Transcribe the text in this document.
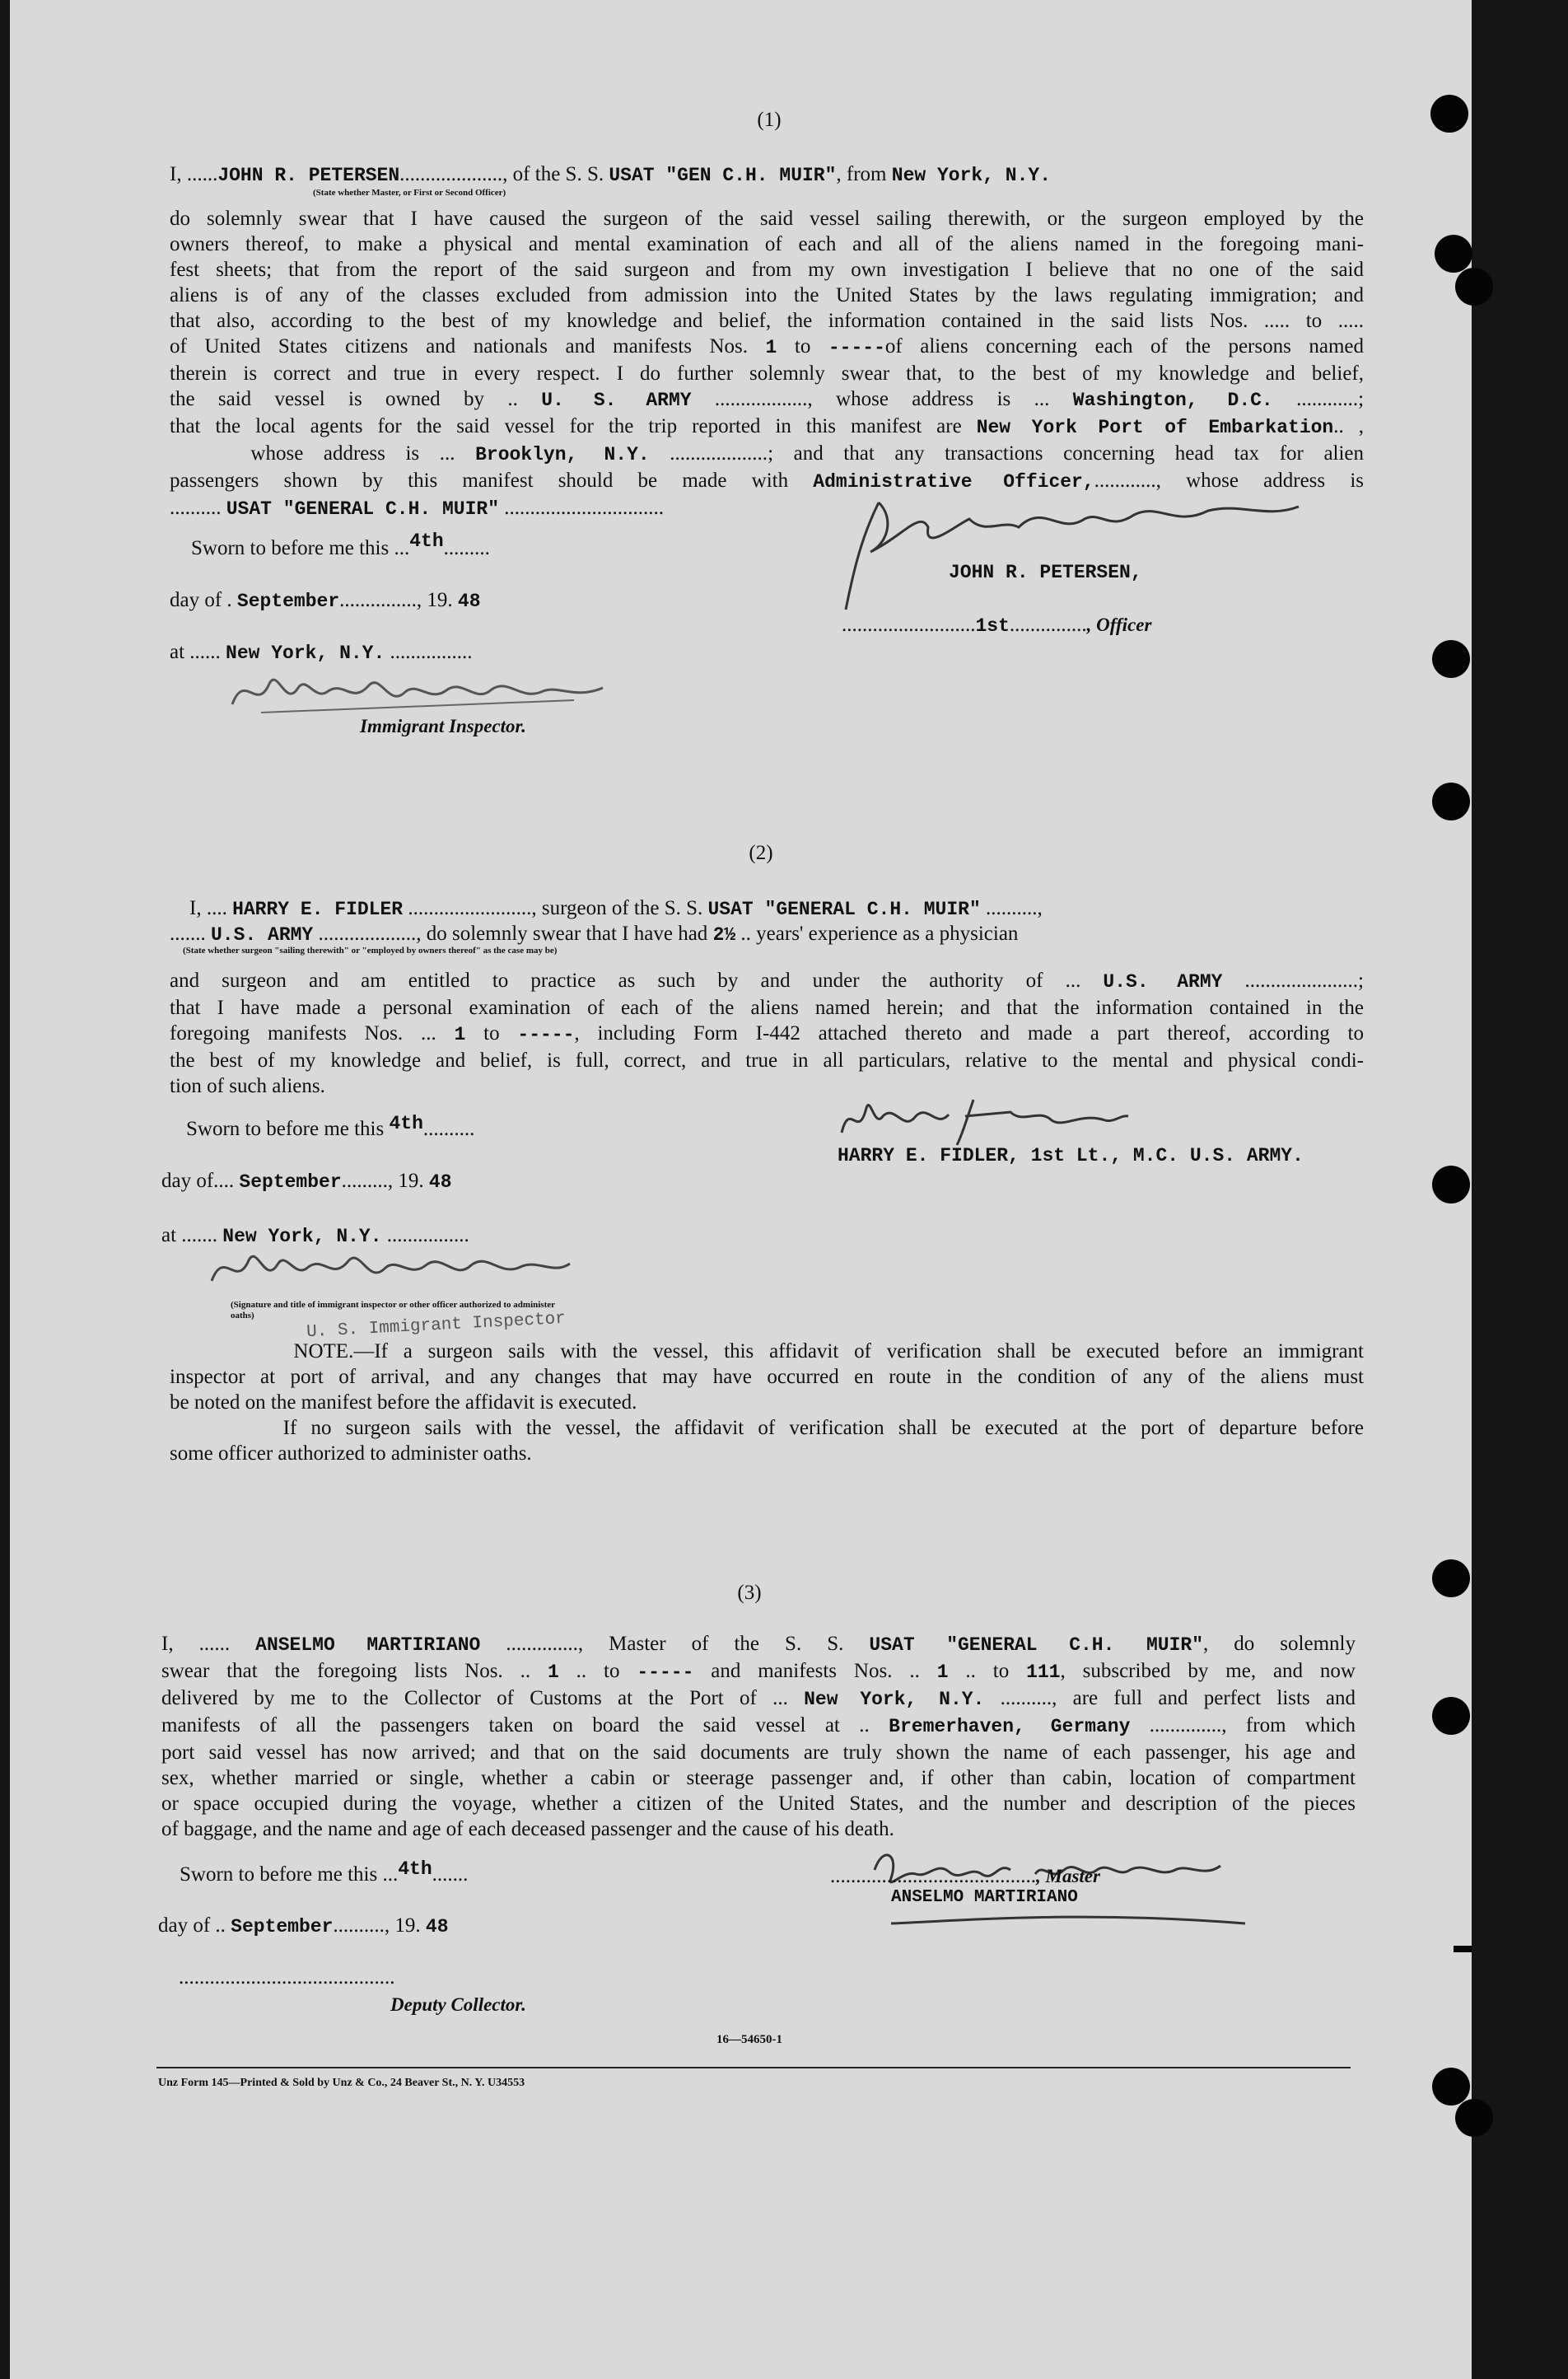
(1)
I, ......JOHN R. PETERSEN...................., of the S. S. USAT "GEN C.H. MUIR", from New York, N.Y.
(State whether Master, or First or Second Officer)

do solemnly swear that I have caused the surgeon of the said vessel sailing therewith, or the surgeon employed by the

owners thereof, to make a physical and mental examination of each and all of the aliens named in the foregoing mani-

fest sheets; that from the report of the said surgeon and from my own investigation I believe that no one of the said

aliens is of any of the classes excluded from admission into the United States by the laws regulating immigration; and

that also, according to the best of my knowledge and belief, the information contained in the said lists Nos. ..... to .....

of United States citizens and nationals and manifests Nos. 1 to -----of aliens concerning each of the persons named

therein is correct and true in every respect. I do further solemnly swear that, to the best of my knowledge and belief,

the said vessel is owned by .. U. S. ARMY .................., whose address is ... Washington, D.C. ............;

that the local agents for the said vessel for the trip reported in this manifest are New York Port of Embarkation.. ,

whose address is ... Brooklyn, N.Y. ...................; and that any transactions concerning head tax for alien

passengers shown by this manifest should be made with Administrative Officer,............, whose address is

.......... USAT "GENERAL C.H. MUIR" ...............................

Sworn to before me this ...4th.........
day of . September..............., 19. 48
at ...... New York, N.Y. ................
Immigrant Inspector.
JOHN R. PETERSEN,
..........................1st..............., Officer
(2)
I, .... HARRY E. FIDLER ........................, surgeon of the S. S. USAT "GENERAL C.H. MUIR" ..........,
....... U.S. ARMY ..................., do solemnly swear that I have had 2½ .. years' experience as a physician
(State whether surgeon "sailing therewith" or "employed by owners thereof" as the case may be)

and surgeon and am entitled to practice as such by and under the authority of ... U.S. ARMY ......................;

that I have made a personal examination of each of the aliens named herein; and that the information contained in the

foregoing manifests Nos. ... 1 to -----, including Form I-442 attached thereto and made a part thereof, according to

the best of my knowledge and belief, is full, correct, and true in all particulars, relative to the mental and physical condi-

tion of such aliens.

Sworn to before me this 4th..........
day of.... September........., 19. 48
at ....... New York, N.Y. ................
(Signature and title of immigrant inspector or other officer authorized to administer oaths)	U. S. Immigrant Inspector
HARRY E. FIDLER, 1st Lt., M.C. U.S. ARMY.

NOTE.—If a surgeon sails with the vessel, this affidavit of verification shall be executed before an immigrant

inspector at port of arrival, and any changes that may have occurred en route in the condition of any of the aliens must

be noted on the manifest before the affidavit is executed.

If no surgeon sails with the vessel, the affidavit of verification shall be executed at the port of departure before

some officer authorized to administer oaths.

(3)

I, ...... ANSELMO MARTIRIANO .............., Master of the S. S. USAT "GENERAL C.H. MUIR", do solemnly

swear that the foregoing lists Nos. .. 1 .. to ----- and manifests Nos. .. 1 .. to 111, subscribed by me, and now

delivered by me to the Collector of Customs at the Port of ... New York, N.Y. .........., are full and perfect lists and

manifests of all the passengers taken on board the said vessel at .. Bremerhaven, Germany .............., from which

port said vessel has now arrived; and that on the said documents are truly shown the name of each passenger, his age and

sex, whether married or single, whether a cabin or steerage passenger and, if other than cabin, location of compartment

or space occupied during the voyage, whether a citizen of the United States, and the number and description of the pieces

of baggage, and the name and age of each deceased passenger and the cause of his death.

Sworn to before me this ...4th.......
day of .. September.........., 19. 48
..........................................
Deputy Collector.
........................................, Master
ANSELMO MARTIRIANO
16—54650-1
Unz Form 145—Printed & Sold by Unz & Co., 24 Beaver St., N. Y. U34553
